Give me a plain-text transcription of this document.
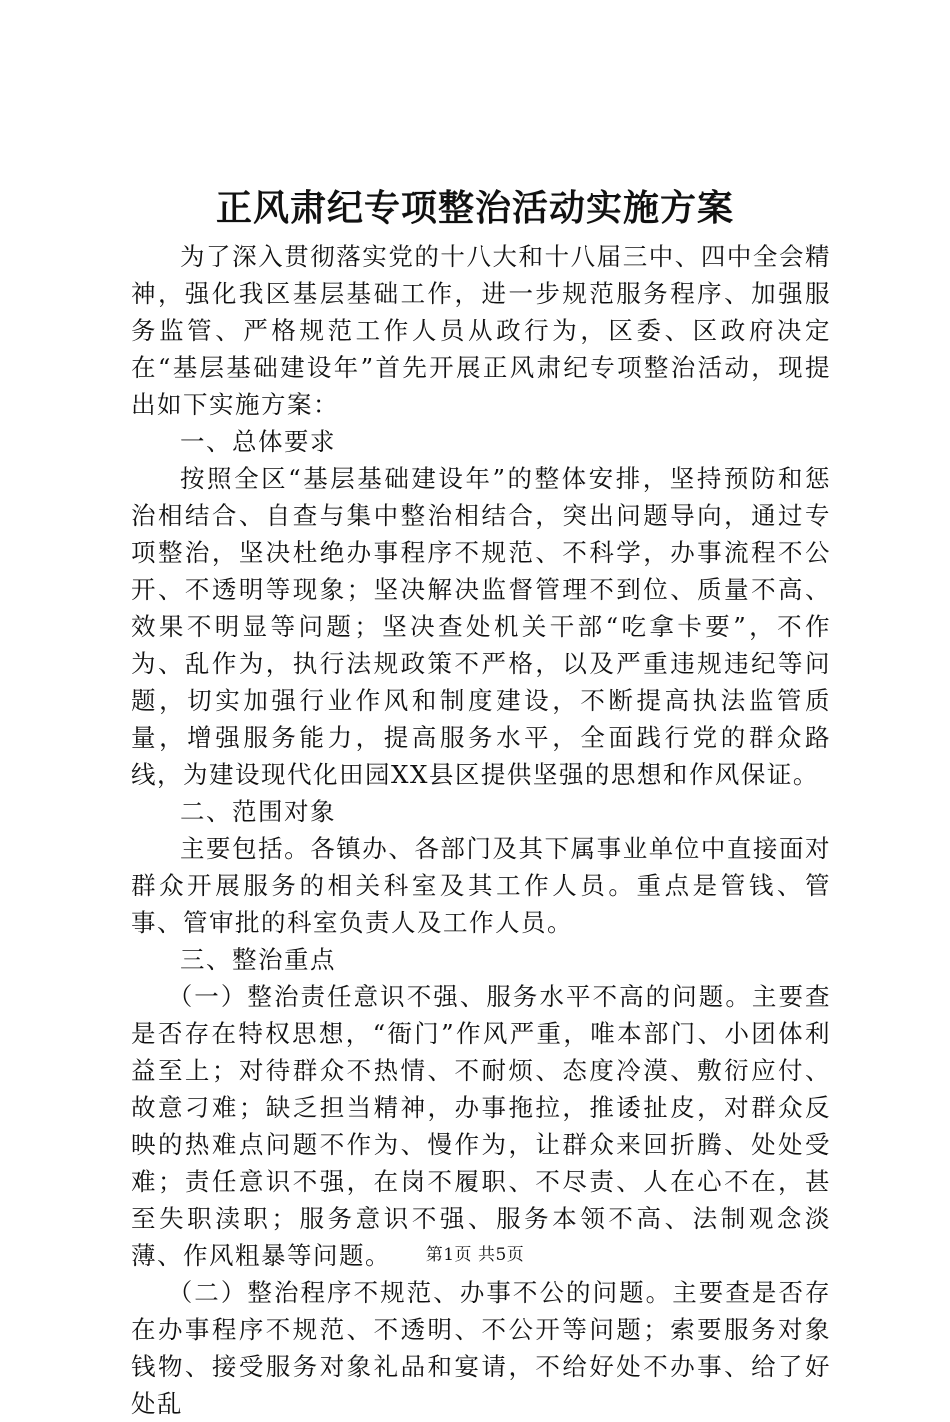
正风肃纪专项整治活动实施方案

为了深入贯彻落实党的十八大和十八届三中、四中全会精神，强化我区基层基础工作，进一步规范服务程序、加强服务监管、严格规范工作人员从政行为，区委、区政府决定在“基层基础建设年”首先开展正风肃纪专项整治活动，现提出如下实施方案：

一、总体要求

按照全区“基层基础建设年”的整体安排，坚持预防和惩治相结合、自查与集中整治相结合，突出问题导向，通过专项整治，坚决杜绝办事程序不规范、不科学，办事流程不公开、不透明等现象；坚决解决监督管理不到位、质量不高、效果不明显等问题；坚决查处机关干部“吃拿卡要”，不作为、乱作为，执行法规政策不严格，以及严重违规违纪等问题，切实加强行业作风和制度建设，不断提高执法监管质量，增强服务能力，提高服务水平，全面践行党的群众路线，为建设现代化田园XX县区提供坚强的思想和作风保证。

二、范围对象

主要包括。各镇办、各部门及其下属事业单位中直接面对群众开展服务的相关科室及其工作人员。重点是管钱、管事、管审批的科室负责人及工作人员。

三、整治重点

（一）整治责任意识不强、服务水平不高的问题。主要查是否存在特权思想，“衙门”作风严重，唯本部门、小团体利益至上；对待群众不热情、不耐烦、态度冷漠、敷衍应付、故意刁难；缺乏担当精神，办事拖拉，推诿扯皮，对群众反映的热难点问题不作为、慢作为，让群众来回折腾、处处受难；责任意识不强，在岗不履职、不尽责、人在心不在，甚至失职渎职；服务意识不强、服务本领不高、法制观念淡薄、作风粗暴等问题。

（二）整治程序不规范、办事不公的问题。主要查是否存在办事程序不规范、不透明、不公开等问题；索要服务对象钱物、接受服务对象礼品和宴请，不给好处不办事、给了好处乱

第1页 共5页
